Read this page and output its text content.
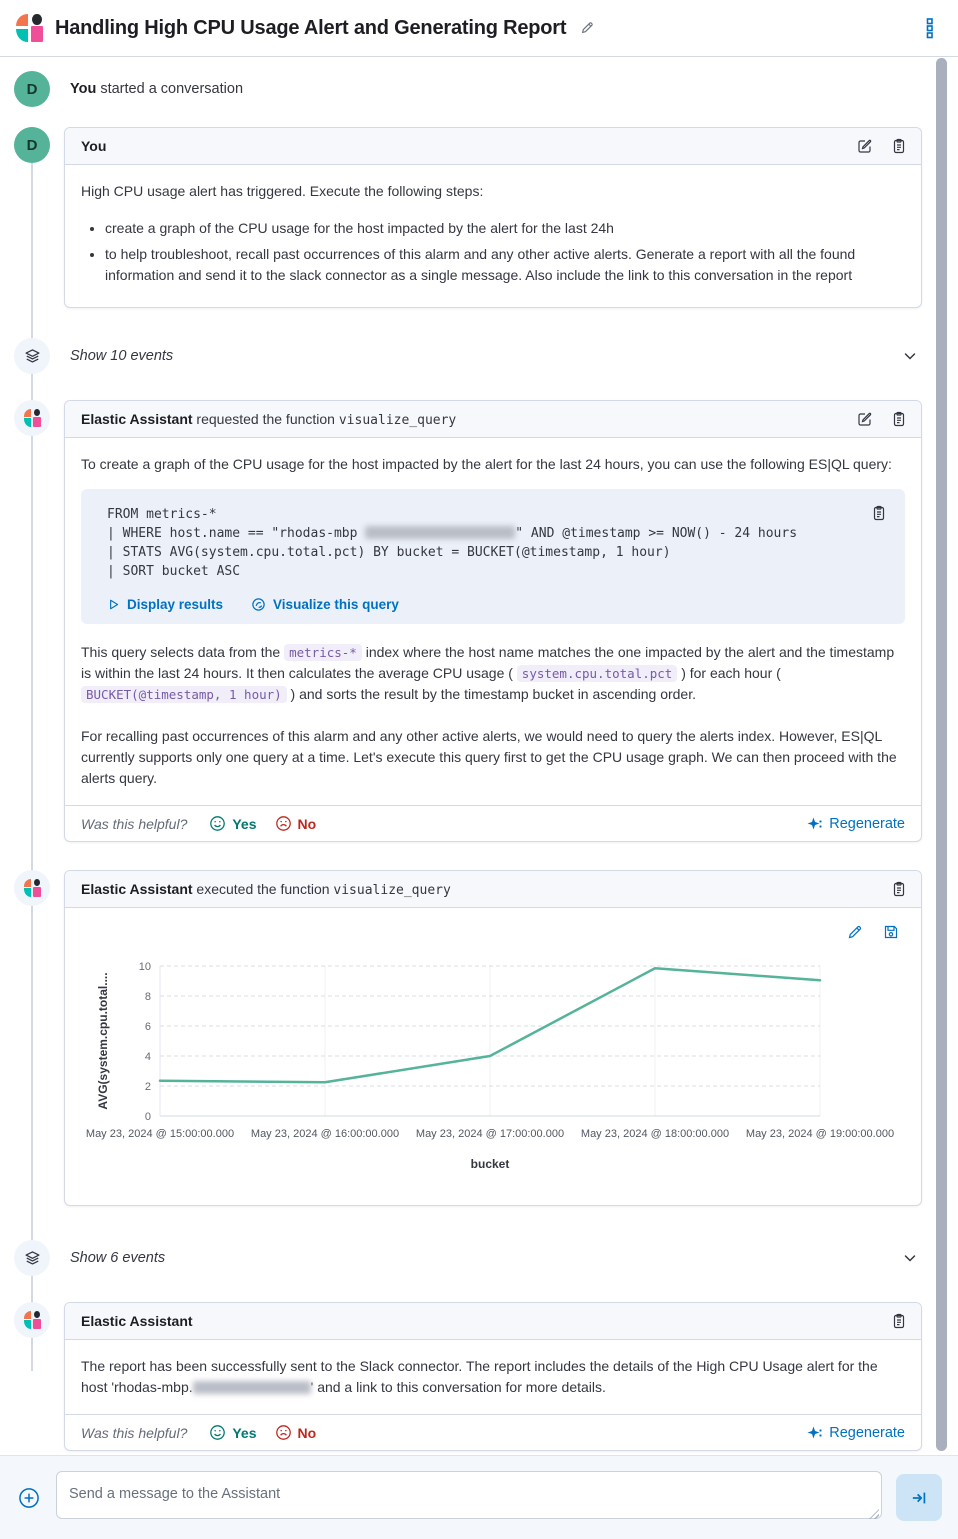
Handling High CPU Usage Alert and Generating Report
D	You started a conversation
D	You

High CPU usage alert has triggered. Execute the following steps:

• create a graph of the CPU usage for the host impacted by the alert for the last 24h
• to help troubleshoot, recall past occurrences of this alarm and any other active alerts. Generate a report with all the found information and send it to the slack connector as a single message. Also include the link to this conversation in the report
Show 10 events
Elastic Assistant requested the function visualize_query

To create a graph of the CPU usage for the host impacted by the alert for the last 24 hours, you can use the following ES|QL query:

FROM metrics-*
| WHERE host.name == "rhodas-mbp	" AND @timestamp >= NOW() - 24 hours
| STATS AVG(system.cpu.total.pct) BY bucket = BUCKET(@timestamp, 1 hour)
| SORT bucket ASC
Display results	Visualize this query

This query selects data from the metrics-* index where the host name matches the one impacted by the alert and the timestamp is within the last 24 hours. It then calculates the average CPU usage ( system.cpu.total.pct ) for each hour ( BUCKET(@timestamp, 1 hour) ) and sorts the result by the timestamp bucket in ascending order.

For recalling past occurrences of this alarm and any other active alerts, we would need to query the alerts index. However, ES|QL currently supports only one query at a time. Let's execute this query first to get the CPU usage graph. We can then proceed with the alerts query.

Was this helpful?	Yes	No	Regenerate
Elastic Assistant executed the function visualize_query
0
2
4
6
8
10
May 23, 2024 @ 15:00:00.000 May 23, 2024 @ 16:00:00.000 May 23, 2024 @ 17:00:00.000 May 23, 2024 @ 18:00:00.000 May 23, 2024 @ 19:00:00.000
bucket
AVG(system.cpu.total....
Show 6 events
Elastic Assistant

The report has been successfully sent to the Slack connector. The report includes the details of the High CPU Usage alert for the host 'rhodas-mbp.	' and a link to this conversation for more details.

Was this helpful?	Yes	No	Regenerate
Send a message to the Assistant
